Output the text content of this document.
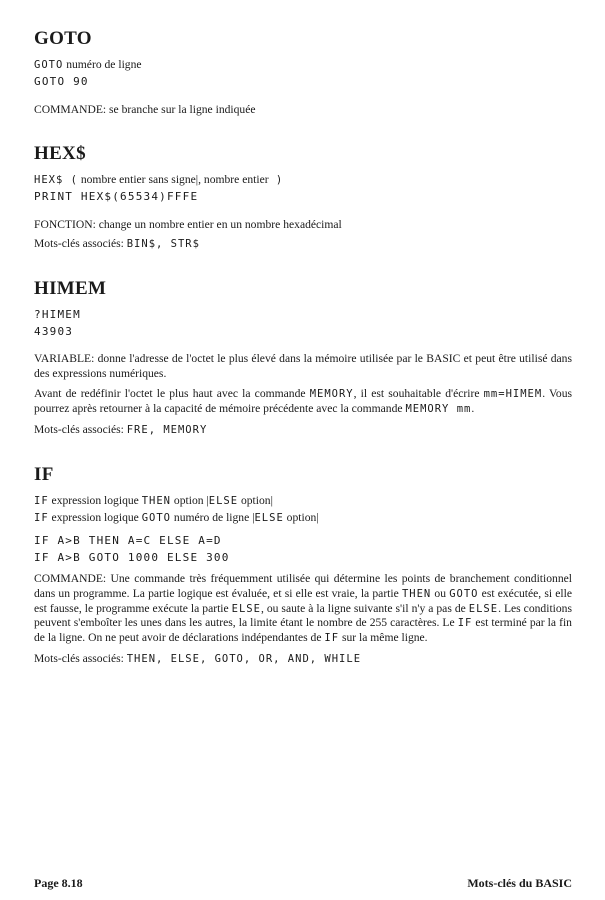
GOTO
GOTO numéro de ligne
GOTO 90
COMMANDE: se branche sur la ligne indiquée
HEX$
HEX$ ( nombre entier sans signe|, nombre entier )
PRINT HEX$(65534)FFFE
FONCTION: change un nombre entier en un nombre hexadécimal
Mots-clés associés: BIN$, STR$
HIMEM
?HIMEM
43903
VARIABLE: donne l'adresse de l'octet le plus élevé dans la mémoire utilisée par le BASIC et peut être utilisé dans des expressions numériques.
Avant de redéfinir l'octet le plus haut avec la commande MEMORY, il est souhaitable d'écrire mm=HIMEM. Vous pourrez après retourner à la capacité de mémoire précédente avec la commande MEMORY mm.
Mots-clés associés: FRE, MEMORY
IF
IF expression logique THEN option |ELSE option|
IF expression logique GOTO numéro de ligne |ELSE option|
IF A>B THEN A=C ELSE A=D
IF A>B GOTO 1000 ELSE 300
COMMANDE: Une commande très fréquemment utilisée qui détermine les points de branchement conditionnel dans un programme. La partie logique est évaluée, et si elle est vraie, la partie THEN ou GOTO est exécutée, si elle est fausse, le programme exécute la partie ELSE, ou saute à la ligne suivante s'il n'y a pas de ELSE. Les conditions peuvent s'emboîter les unes dans les autres, la limite étant le nombre de 255 caractères. Le IF est terminé par la fin de la ligne. On ne peut avoir de déclarations indépendantes de IF sur la même ligne.
Mots-clés associés: THEN, ELSE, GOTO, OR, AND, WHILE
Page 8.18	Mots-clés du BASIC
